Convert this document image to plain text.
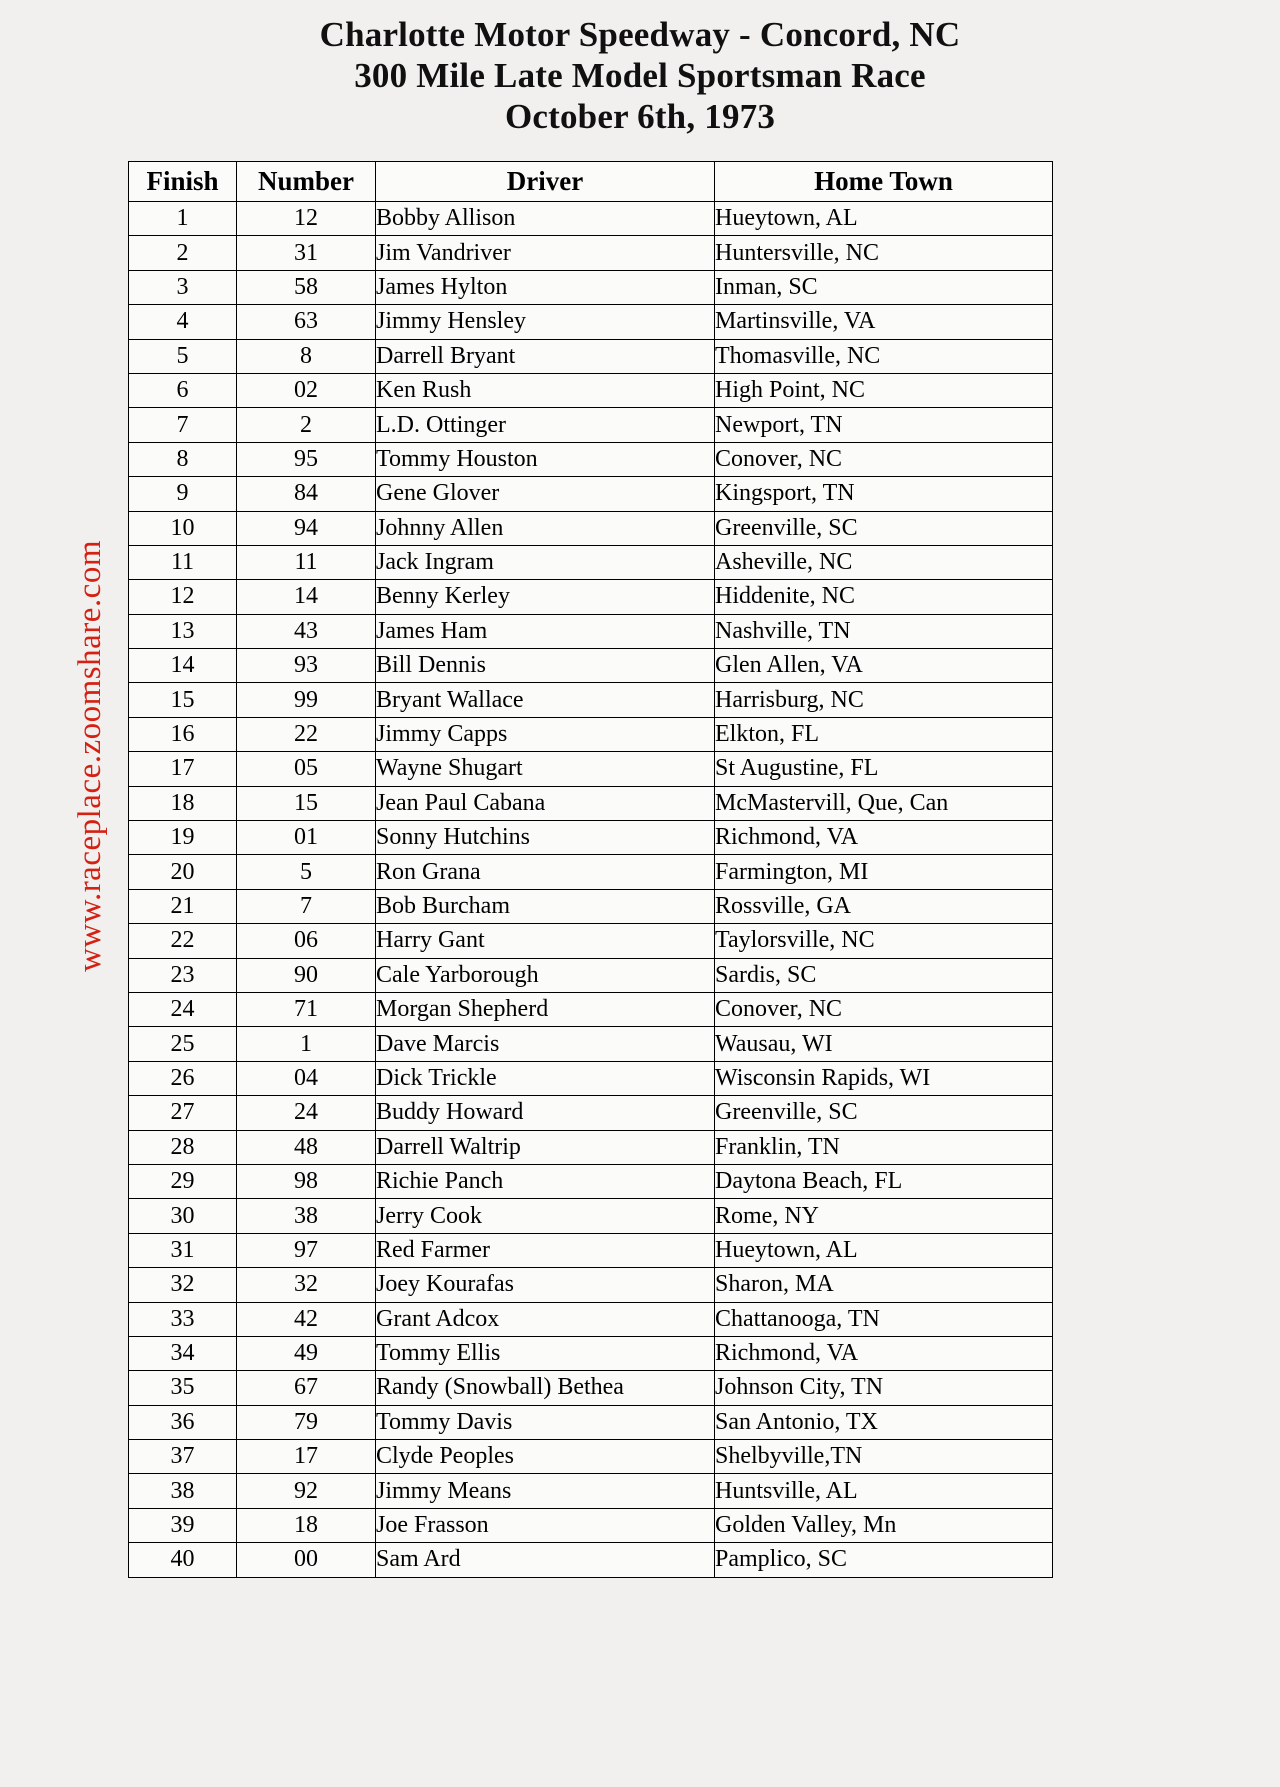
Charlotte Motor Speedway - Concord, NC
300 Mile Late Model Sportsman Race
October 6th, 1973
www.raceplace.zoomshare.com
Finish	Number	Driver	Home Town
1	12	Bobby Allison	Hueytown, AL
2	31	Jim Vandriver	Huntersville, NC
3	58	James Hylton	Inman, SC
4	63	Jimmy Hensley	Martinsville, VA
5	8	Darrell Bryant	Thomasville, NC
6	02	Ken Rush	High Point, NC
7	2	L.D. Ottinger	Newport, TN
8	95	Tommy Houston	Conover, NC
9	84	Gene Glover	Kingsport, TN
10	94	Johnny Allen	Greenville, SC
11	11	Jack Ingram	Asheville, NC
12	14	Benny Kerley	Hiddenite, NC
13	43	James Ham	Nashville, TN
14	93	Bill Dennis	Glen Allen, VA
15	99	Bryant Wallace	Harrisburg, NC
16	22	Jimmy Capps	Elkton, FL
17	05	Wayne Shugart	St Augustine, FL
18	15	Jean Paul Cabana	McMastervill, Que, Can
19	01	Sonny Hutchins	Richmond, VA
20	5	Ron Grana	Farmington, MI
21	7	Bob Burcham	Rossville, GA
22	06	Harry Gant	Taylorsville, NC
23	90	Cale Yarborough	Sardis, SC
24	71	Morgan Shepherd	Conover, NC
25	1	Dave Marcis	Wausau, WI
26	04	Dick Trickle	Wisconsin Rapids, WI
27	24	Buddy Howard	Greenville, SC
28	48	Darrell Waltrip	Franklin, TN
29	98	Richie Panch	Daytona Beach, FL
30	38	Jerry Cook	Rome, NY
31	97	Red Farmer	Hueytown, AL
32	32	Joey Kourafas	Sharon, MA
33	42	Grant Adcox	Chattanooga, TN
34	49	Tommy Ellis	Richmond, VA
35	67	Randy (Snowball) Bethea	Johnson City, TN
36	79	Tommy Davis	San Antonio, TX
37	17	Clyde Peoples	Shelbyville,TN
38	92	Jimmy Means	Huntsville, AL
39	18	Joe Frasson	Golden Valley, Mn
40	00	Sam Ard	Pamplico, SC
